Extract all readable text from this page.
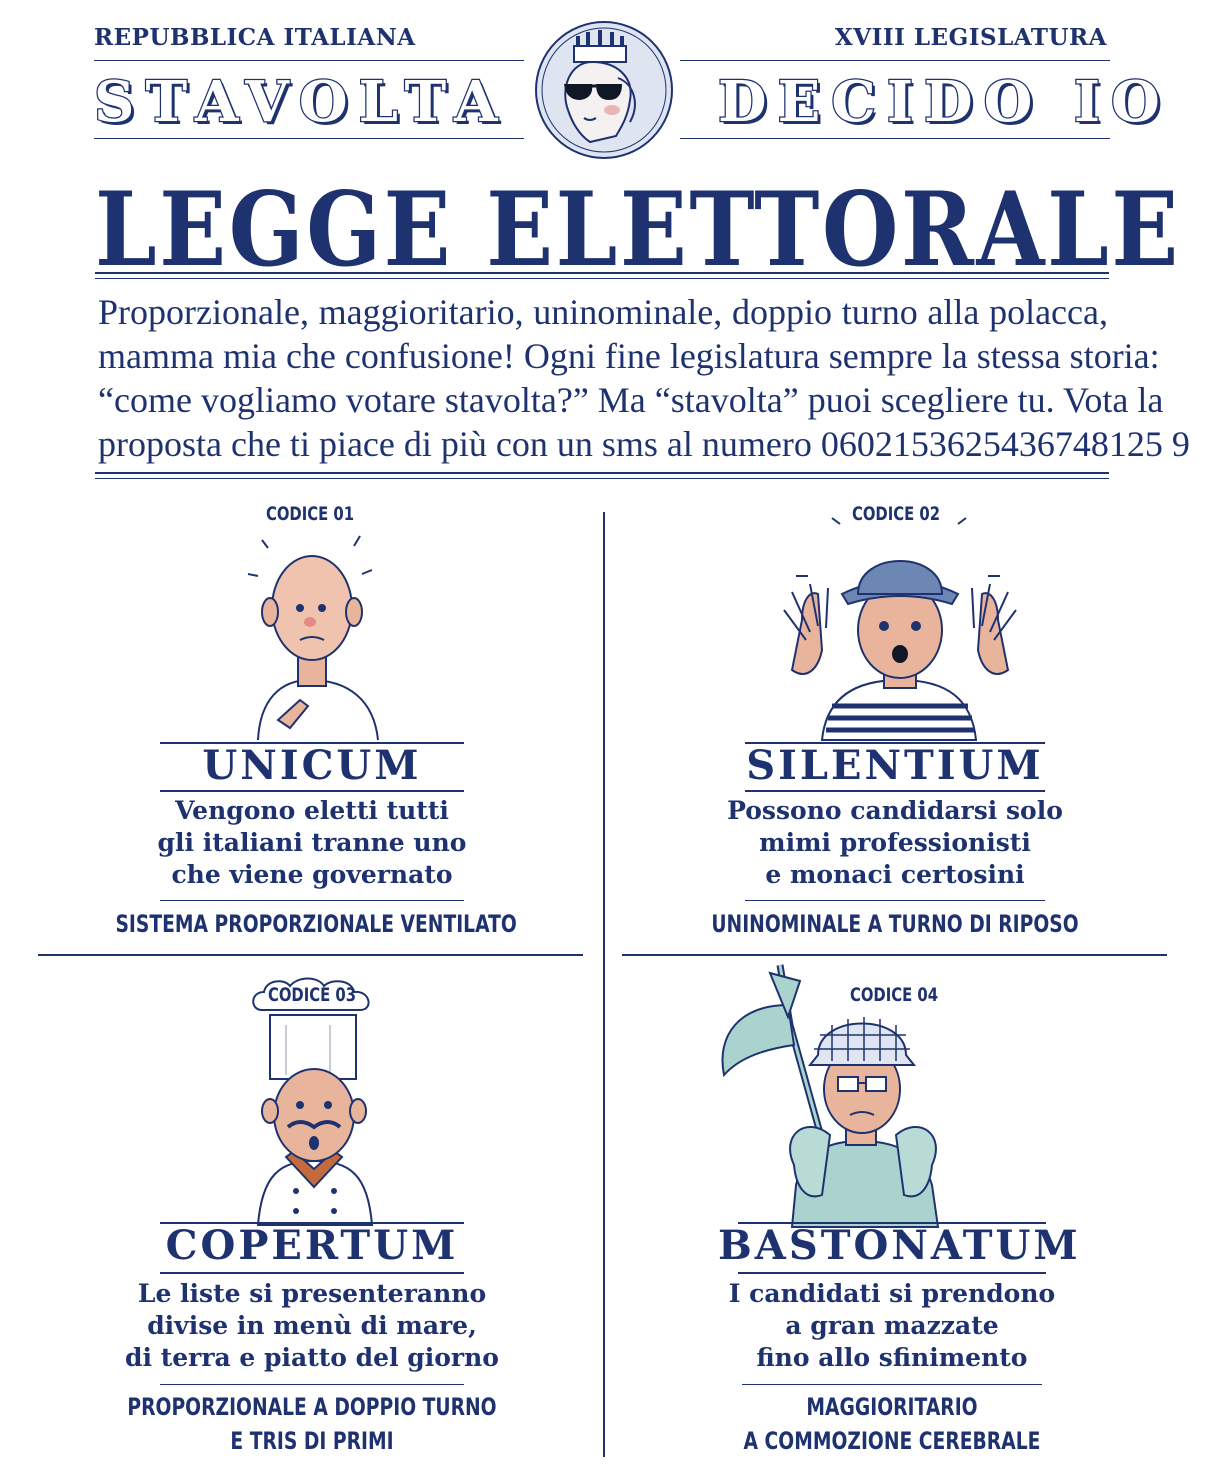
REPUBBLICA ITALIANA	XVIII LEGISLATURA
STAVOLTA	DECIDO IO
LEGGE ELETTORALE
Proporzionale, maggioritario, uninominale, doppio turno alla polacca,
mamma mia che confusione! Ogni fine legislatura sempre la stessa storia:
“come vogliamo votare stavolta?” Ma “stavolta” puoi scegliere tu. Vota la
proposta che ti piace di più con un sms al numero 0602153625436748125 9
CODICE 01
UNICUM
Vengono eletti tutti
gli italiani tranne uno
che viene governato
SISTEMA PROPORZIONALE VENTILATO
CODICE 02
SILENTIUM
Possono candidarsi solo
mimi professionisti
e monaci certosini
UNINOMINALE A TURNO DI RIPOSO
CODICE 03
COPERTUM
Le liste si presenteranno
divise in menù di mare,
di terra e piatto del giorno
PROPORZIONALE A DOPPIO TURNO
E TRIS DI PRIMI
CODICE 04
BASTONATUM
I candidati si prendono
a gran mazzate
fino allo sfinimento
MAGGIORITARIO
A COMMOZIONE CEREBRALE
